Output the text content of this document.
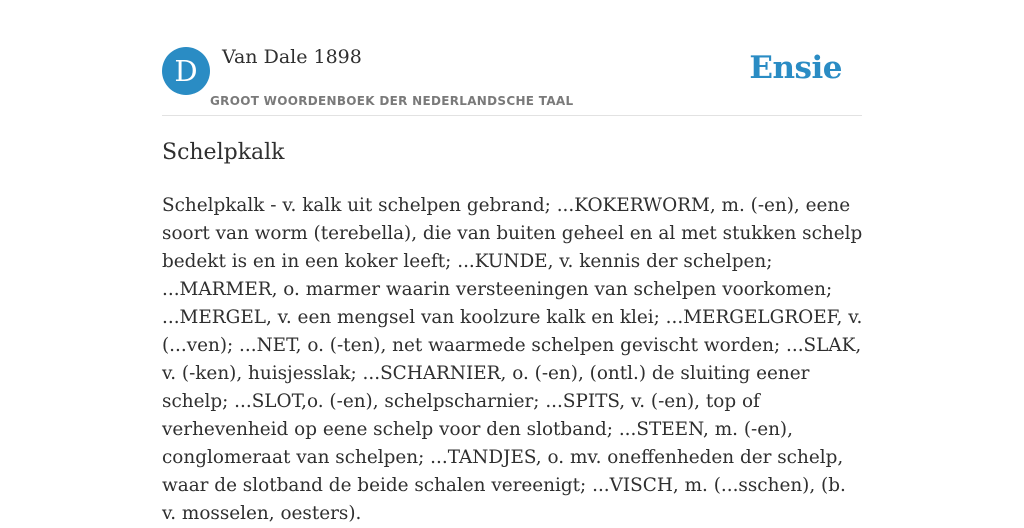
D	Van Dale 1898
GROOT WOORDENBOEK DER NEDERLANDSCHE TAAL
Ensie
Schelpkalk

Schelpkalk - v. kalk uit schelpen gebrand; ...KOKERWORM, m. (-en), eene soort van worm (terebella), die van buiten geheel en al met stukken schelp bedekt is en in een koker leeft; ...KUNDE, v. kennis der schelpen; ...MARMER, o. marmer waarin versteeningen van schelpen voorkomen; ...MERGEL, v. een mengsel van koolzure kalk en klei; ...MERGELGROEF, v. (...ven); ...NET, o. (-ten), net waarmede schelpen gevischt worden; ...SLAK, v. (-ken), huisjesslak; ...SCHARNIER, o. (-en), (ontl.) de sluiting eener schelp; ...SLOT,o. (-en), schelpscharnier; ...SPITS, v. (-en), top of verhevenheid op eene schelp voor den slotband; ...STEEN, m. (-en), conglomeraat van schelpen; ...TANDJES, o. mv. oneffenheden der schelp, waar de slotband de beide schalen vereenigt; ...VISCH, m. (...sschen), (b. v. mosselen, oesters).
